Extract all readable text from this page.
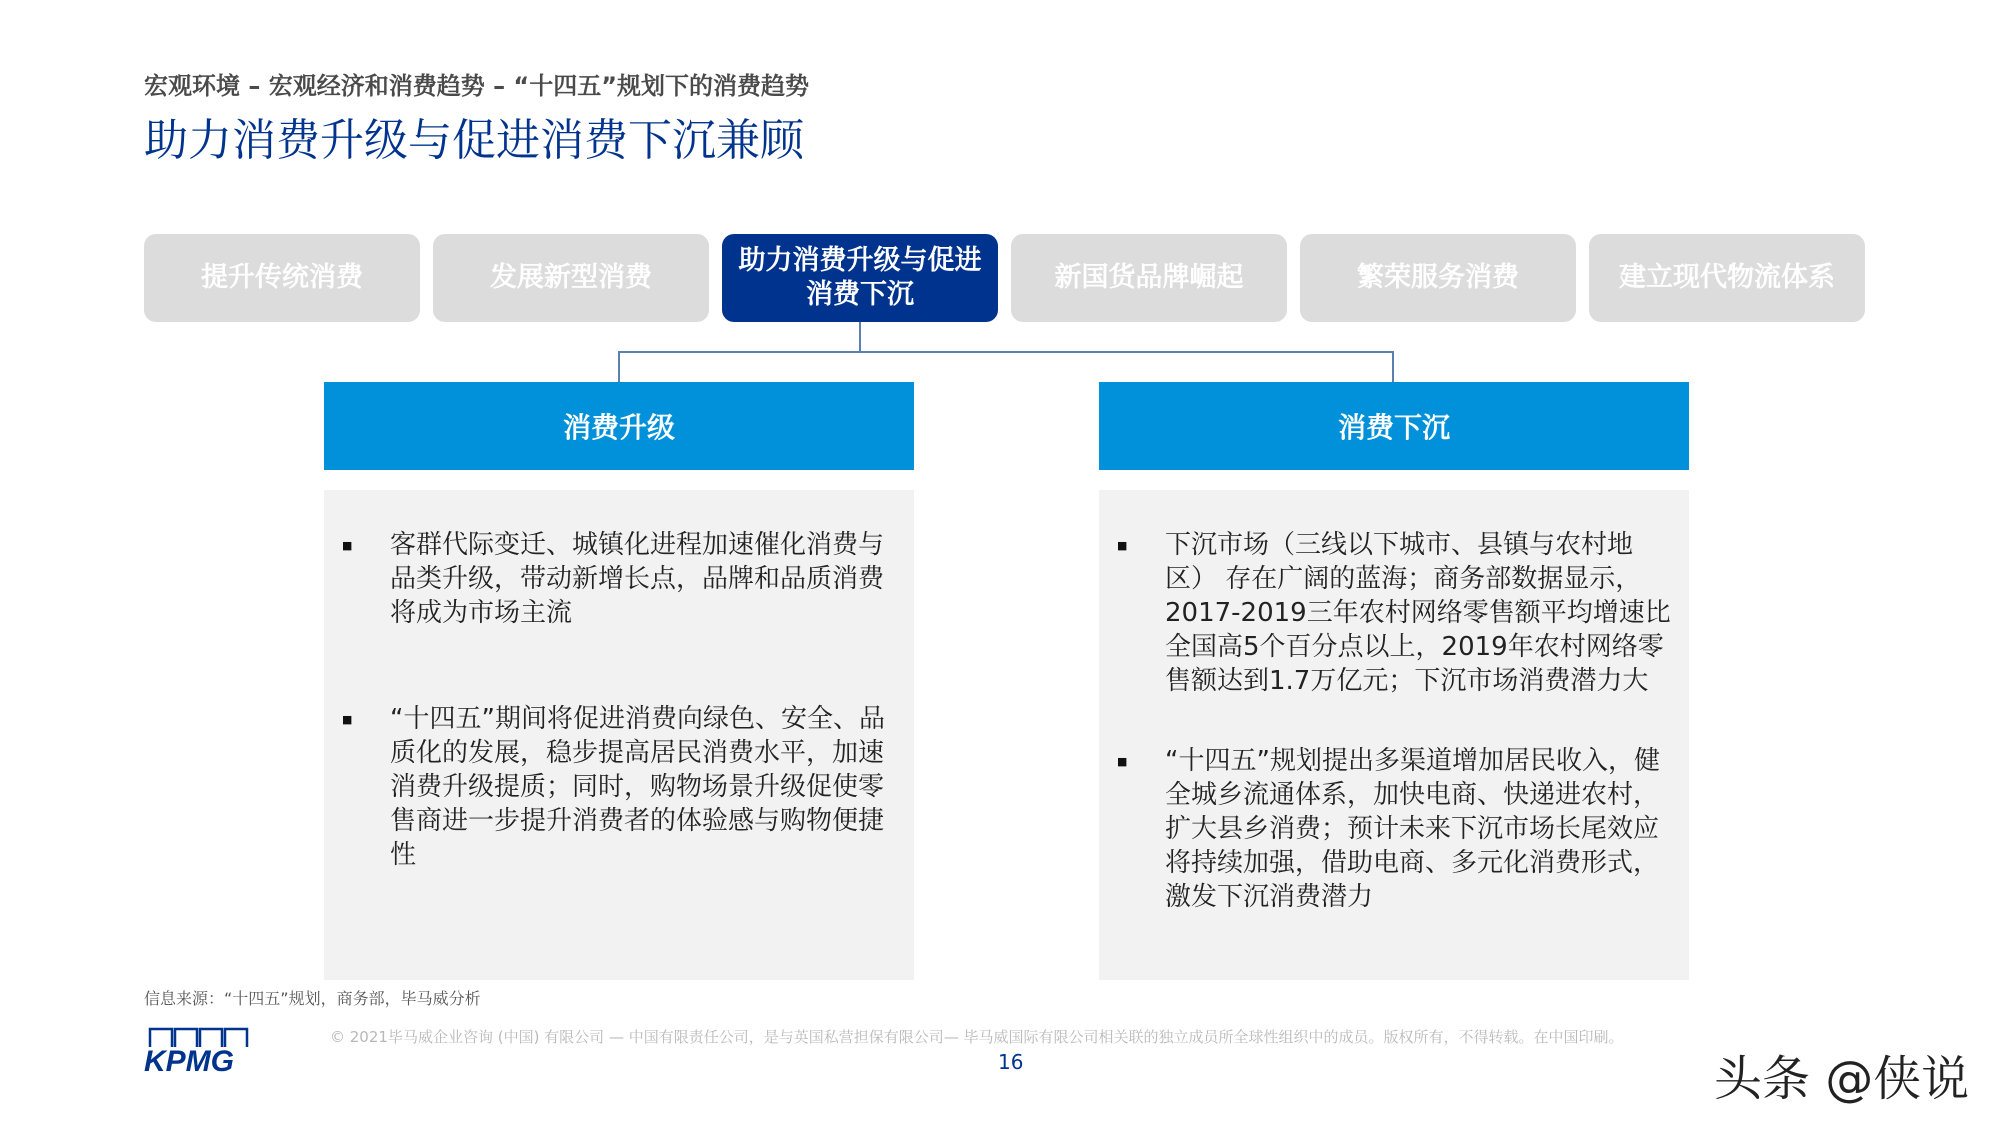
宏观环境 – 宏观经济和消费趋势 – “十四五”规划下的消费趋势
助力消费升级与促进消费下沉兼顾
提升传统消费	发展新型消费
助力消费升级与促进消费下沉
新国货品牌崛起	繁荣服务消费	建立现代物流体系
消费升级
■
客群代际变迁、城镇化进程加速催化消费与品类升级，带动新增长点，品牌和品质消费将成为市场主流
■
“十四五”期间将促进消费向绿色、安全、品质化的发展，稳步提高居民消费水平，加速消费升级提质；同时，购物场景升级促使零售商进一步提升消费者的体验感与购物便捷性
消费下沉
■
下沉市场（三线以下城市、县镇与农村地区） 存在广阔的蓝海；商务部数据显示，2017-2019三年农村网络零售额平均增速比全国高5个百分点以上，2019年农村网络零售额达到1.7万亿元；下沉市场消费潜力大
■
“十四五”规划提出多渠道增加居民收入，健全城乡流通体系，加快电商、快递进农村，扩大县乡消费；预计未来下沉市场长尾效应将持续加强，借助电商、多元化消费形式，激发下沉消费潜力
信息来源：“十四五”规划，商务部，毕马威分析
KPMG
© 2021毕马威企业咨询 (中国) 有限公司 — 中国有限责任公司，是与英国私营担保有限公司— 毕马威国际有限公司相关联的独立成员所全球性组织中的成员。版权所有，不得转载。在中国印刷。
16	头条 @侠说
